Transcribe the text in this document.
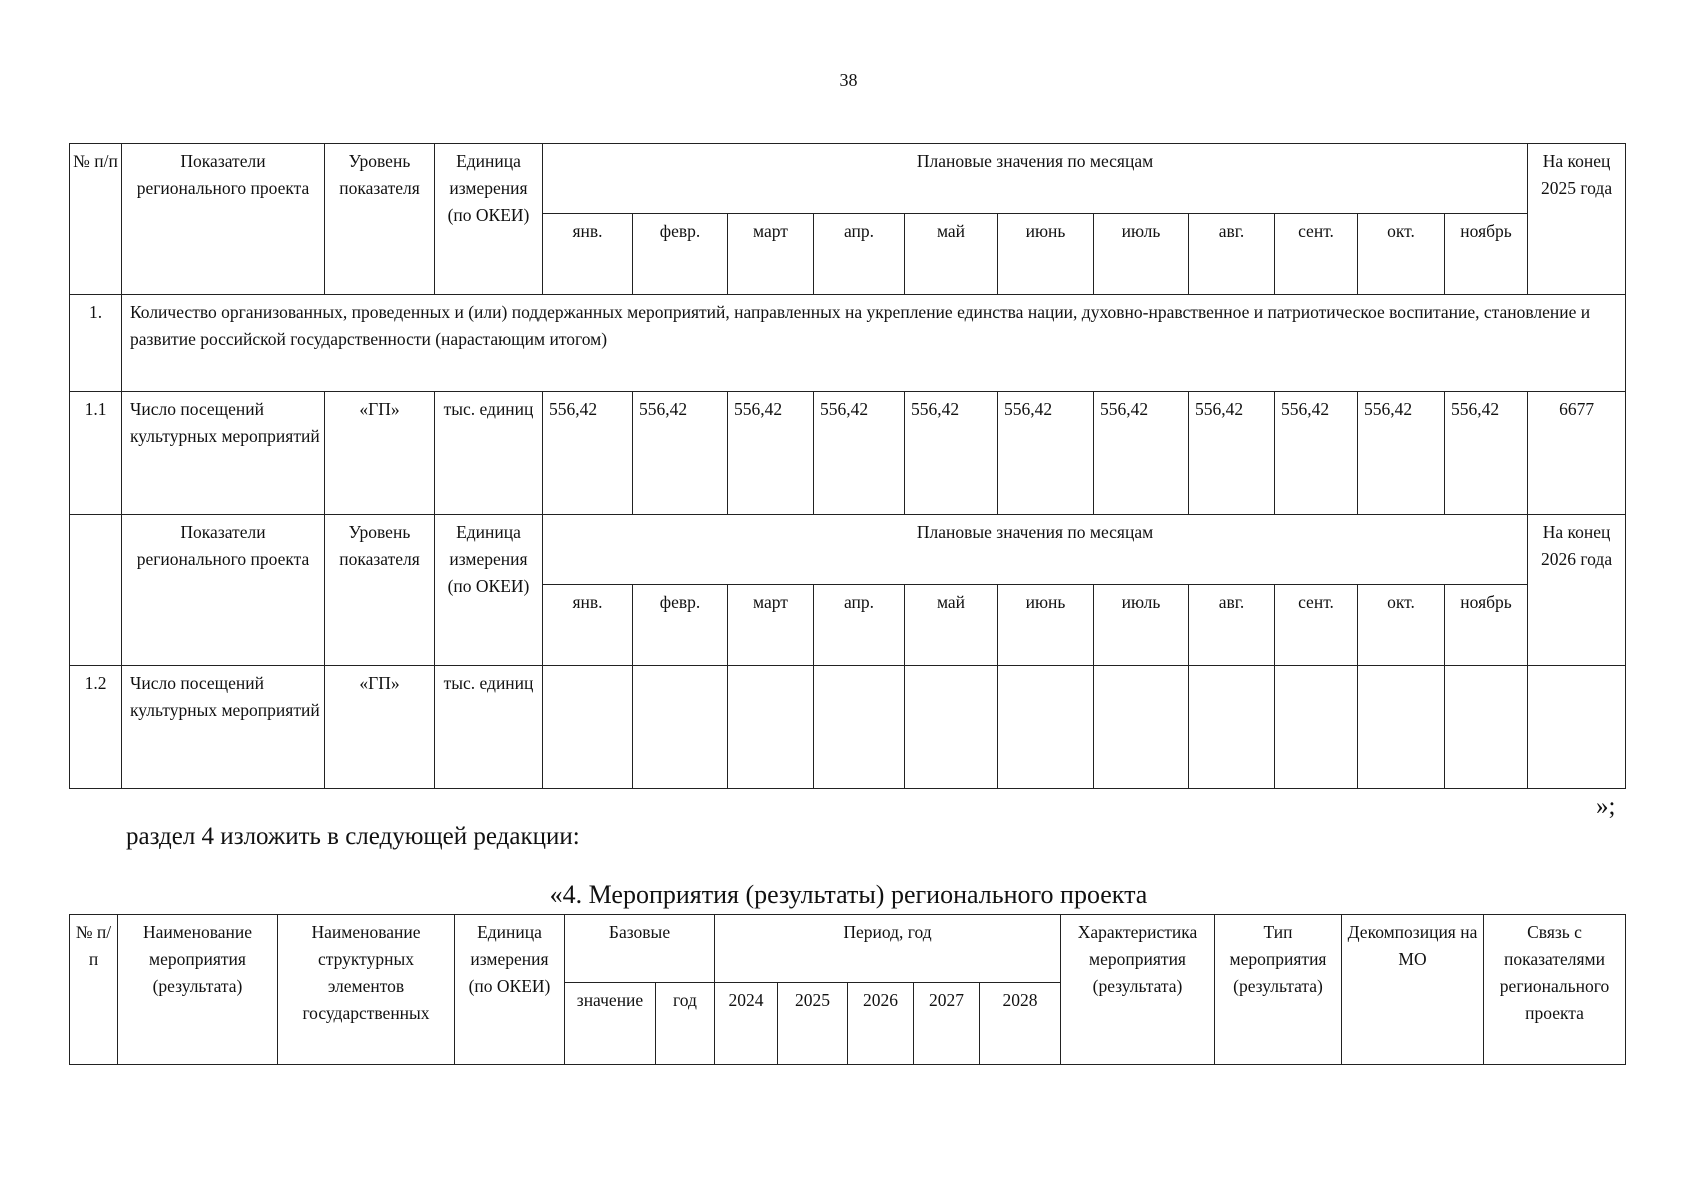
38
№ п/п	Показатели регионального проекта	Уровень показателя	Единица измерения (по ОКЕИ)	Плановые значения по месяцам											На конец 2025 года
				янв.	февр.	март	апр.	май	июнь	июль	авг.	сент.	окт.	ноябрь	
1.	Количество организованных, проведенных и (или) поддержанных мероприятий, направленных на укрепление единства нации, духовно-нравственное и патриотическое воспитание, становление и развитие российской государственности (нарастающим итогом)														
1.1	Число посещений культурных мероприятий	«ГП»	тыс. единиц	556,42	556,42	556,42	556,42	556,42	556,42	556,42	556,42	556,42	556,42	556,42	6677
	Показатели регионального проекта	Уровень показателя	Единица измерения (по ОКЕИ)	Плановые значения по месяцам											На конец 2026 года
				янв.	февр.	март	апр.	май	июнь	июль	авг.	сент.	окт.	ноябрь	
1.2	Число посещений культурных мероприятий	«ГП»	тыс. единиц												
»;
раздел 4 изложить в следующей редакции:
«4. Мероприятия (результаты) регионального проекта
№ п/п	Наименование мероприятия (результата)	Наименование структурных элементов государственных	Единица измерения (по ОКЕИ)	Базовые		Период, год					Характеристика мероприятия (результата)	Тип мероприятия (результата)	Декомпозиция на МО	Связь с показателями регионального проекта
				значение	год	2024	2025	2026	2027	2028				
